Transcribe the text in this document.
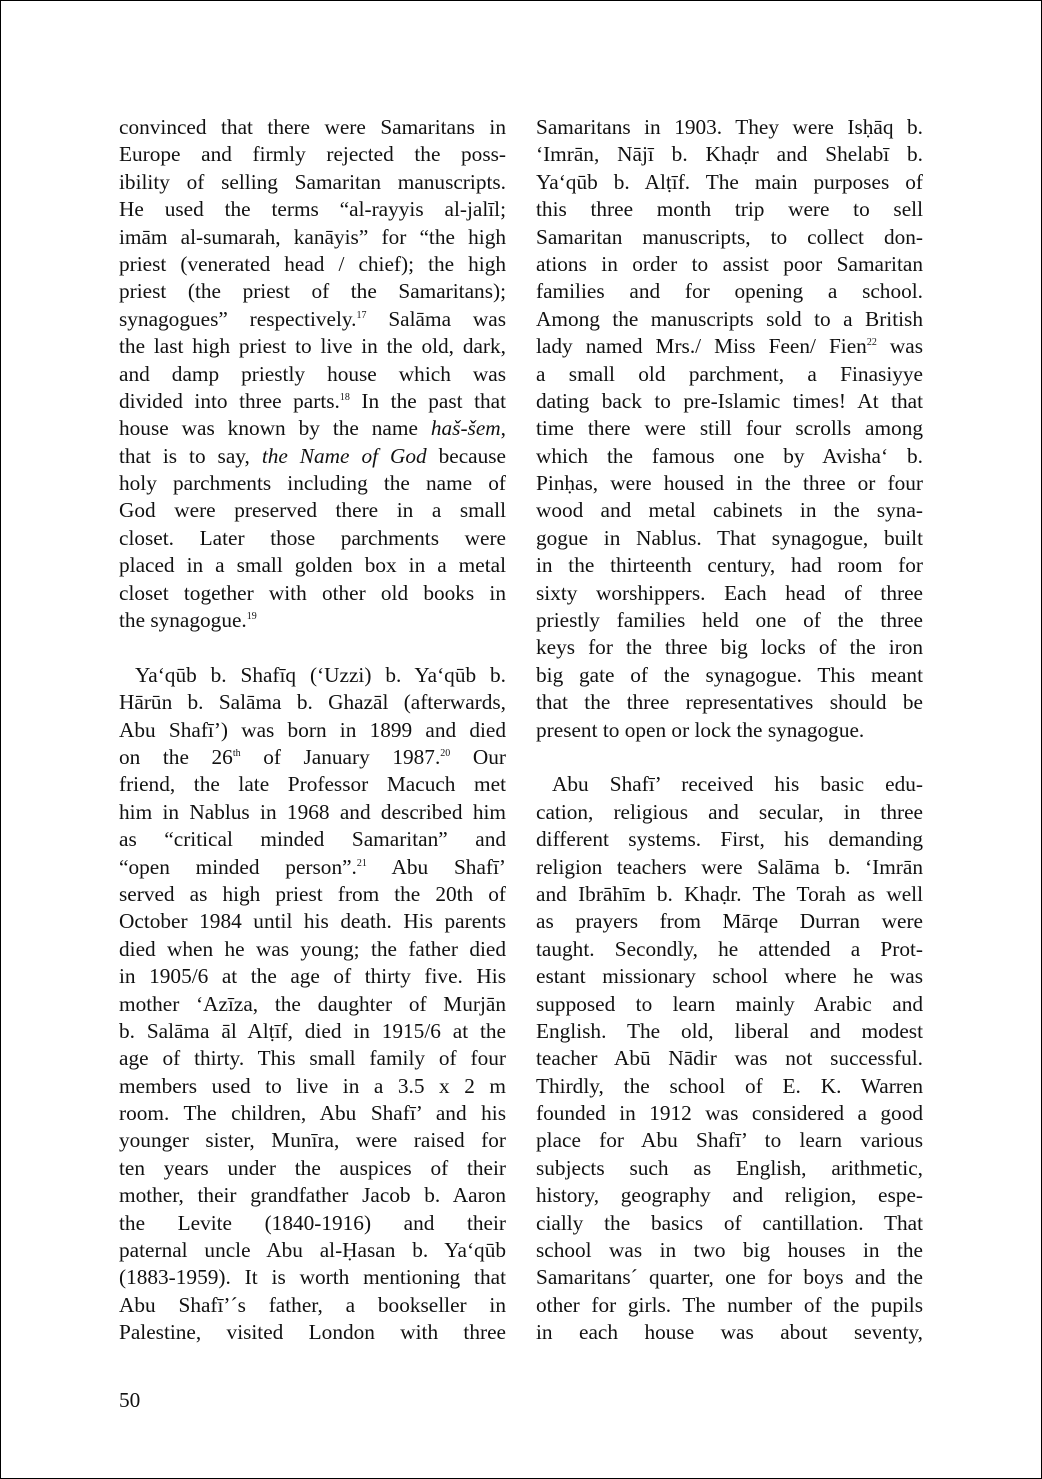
convinced that there were Samaritans in
Europe and firmly rejected the poss-
ibility of selling Samaritan manuscripts.
He used the terms “al-rayyis al-jalīl;
imām al-sumarah, kanāyis” for “the high
priest (venerated head / chief); the high
priest (the priest of the Samaritans);
synagogues” respectively.$^{17}$ Salāma was
the last high priest to live in the old, dark,
and damp priestly house which was
divided into three parts.$^{18}$ In the past that
house was known by the name haš-šem,
that is to say, the Name of God because
holy parchments including the name of
God were preserved there in a small
closet. Later those parchments were
placed in a small golden box in a metal
closet together with other old books in
the synagogue.$^{19}$
Ya‘qūb b. Shafīq (‘Uzzi) b. Ya‘qūb b.
Hārūn b. Salāma b. Ghazāl (afterwards,
Abu Shafī’) was born in 1899 and died
on the 26th of January 1987.20 Our
friend, the late Professor Macuch met
him in Nablus in 1968 and described him
as “critical minded Samaritan” and
“open minded person”.$^{21}$ Abu Shafī’
served as high priest from the 20th of
October 1984 until his death. His parents
died when he was young; the father died
in 1905/6 at the age of thirty five. His
mother ‘Azīza, the daughter of Murjān
b. Salāma āl Alṭīf, died in 1915/6 at the
age of thirty. This small family of four
members used to live in a 3.5 x 2 m
room. The children, Abu Shafī’ and his
younger sister, Munīra, were raised for
ten years under the auspices of their
mother, their grandfather Jacob b. Aaron
the Levite (1840-1916) and their
paternal uncle Abu al-Ḥasan b. Ya‘qūb
(1883-1959). It is worth mentioning that
Abu Shafī’´s father, a bookseller in
Palestine, visited London with three
Samaritans in 1903. They were Isḥāq b.
‘Imrān, Nājī b. Khaḍr and Shelabī b.
Ya‘qūb b. Alṭīf. The main purposes of
this three month trip were to sell
Samaritan manuscripts, to collect don-
ations in order to assist poor Samaritan
families and for opening a school.
Among the manuscripts sold to a British
lady named Mrs./ Miss Feen/ Fien$^{22}$ was
a small old parchment, a Finasiyye
dating back to pre-Islamic times! At that
time there were still four scrolls among
which the famous one by Avisha‘ b.
Pinḥas, were housed in the three or four
wood and metal cabinets in the syna-
gogue in Nablus. That synagogue, built
in the thirteenth century, had room for
sixty worshippers. Each head of three
priestly families held one of the three
keys for the three big locks of the iron
big gate of the synagogue. This meant
that the three representatives should be
present to open or lock the synagogue.
Abu Shafī’ received his basic edu-
cation, religious and secular, in three
different systems. First, his demanding
religion teachers were Salāma b. ‘Imrān
and Ibrāhīm b. Khaḍr. The Torah as well
as prayers from Mārqe Durran were
taught. Secondly, he attended a Prot-
estant missionary school where he was
supposed to learn mainly Arabic and
English. The old, liberal and modest
teacher Abū Nādir was not successful.
Thirdly, the school of E. K. Warren
founded in 1912 was considered a good
place for Abu Shafī’ to learn various
subjects such as English, arithmetic,
history, geography and religion, espe-
cially the basics of cantillation. That
school was in two big houses in the
Samaritans´ quarter, one for boys and the
other for girls. The number of the pupils
in each house was about seventy,
50
